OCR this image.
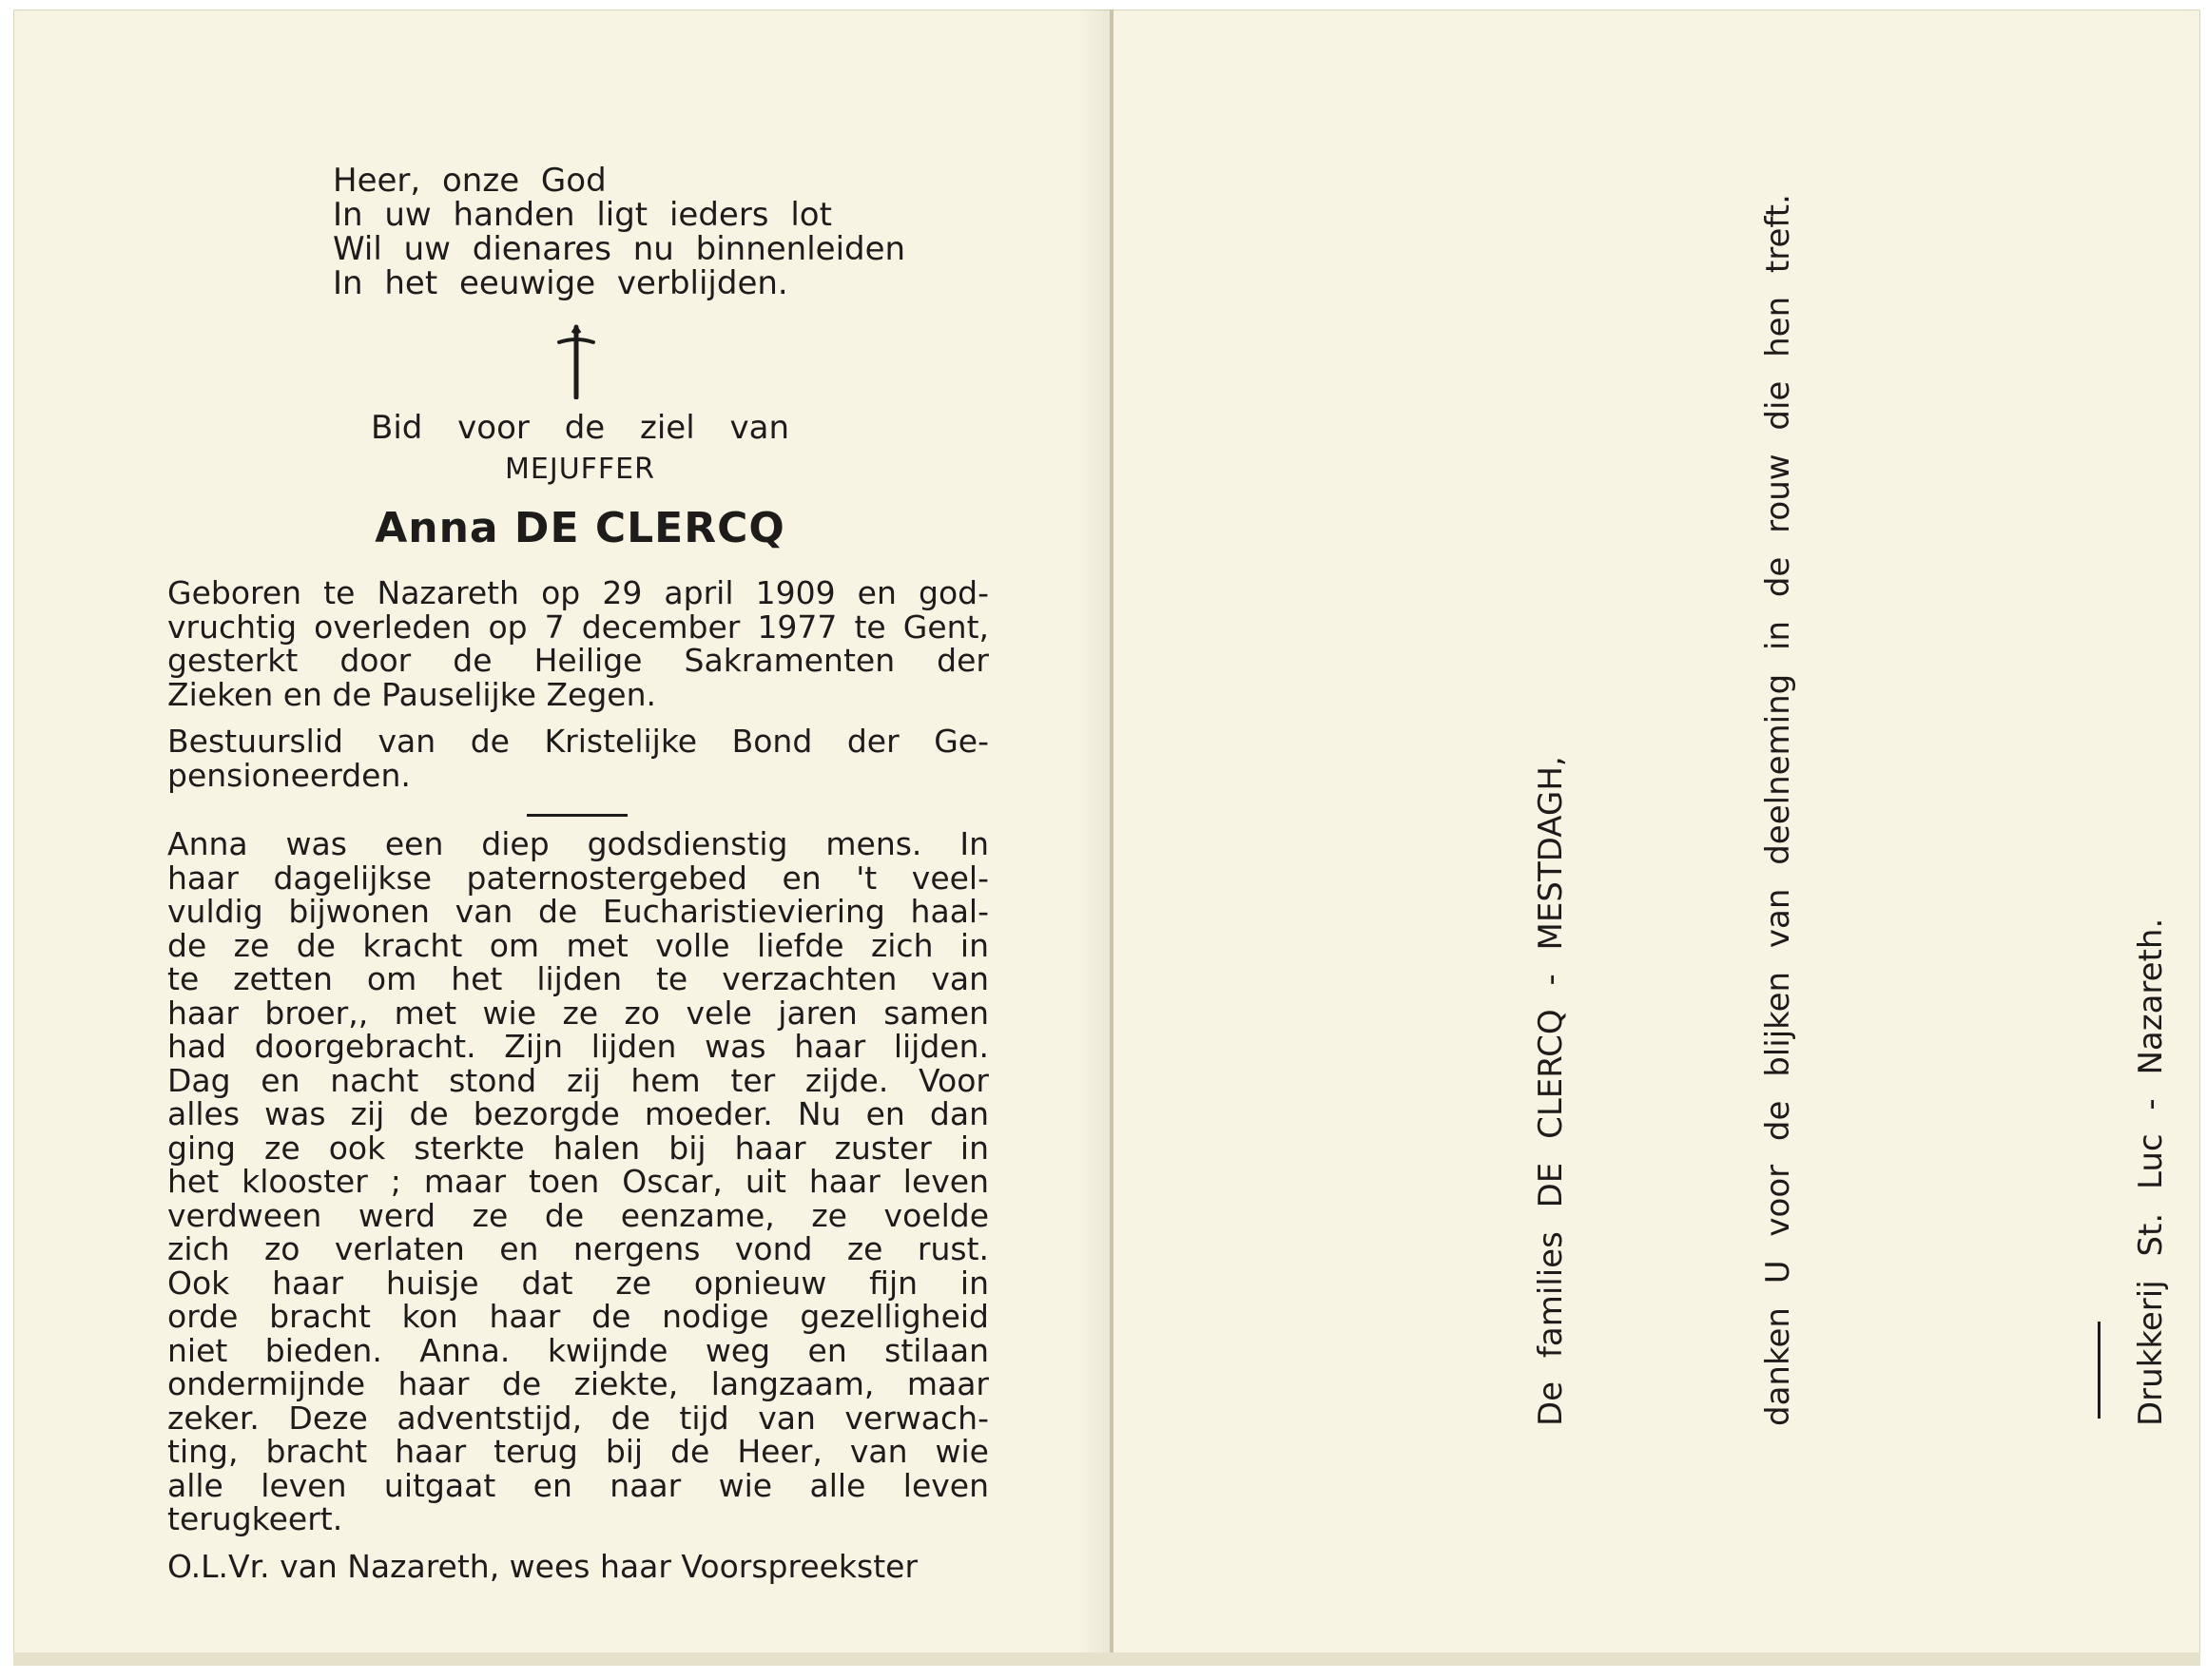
Heer, onze God
In uw handen ligt ieders lot
Wil uw dienares nu binnenleiden
In het eeuwige verblijden.
Bid voor de ziel van
MEJUFFER
Anna DE CLERCQ
Geboren te Nazareth op 29 april 1909 en god-
vruchtig overleden op 7 december 1977 te Gent,
gesterkt door de Heilige Sakramenten der
Zieken en de Pauselijke Zegen.
Bestuurslid van de Kristelijke Bond der Ge-
pensioneerden.
Anna was een diep godsdienstig mens. In
haar dagelijkse paternostergebed en 't veel-
vuldig bijwonen van de Eucharistieviering haal-
de ze de kracht om met volle liefde zich in
te zetten om het lijden te verzachten van
haar broer,, met wie ze zo vele jaren samen
had doorgebracht. Zijn lijden was haar lijden.
Dag en nacht stond zij hem ter zijde. Voor
alles was zij de bezorgde moeder. Nu en dan
ging ze ook sterkte halen bij haar zuster in
het klooster ; maar toen Oscar, uit haar leven
verdween werd ze de eenzame, ze voelde
zich zo verlaten en nergens vond ze rust.
Ook haar huisje dat ze opnieuw fijn in
orde bracht kon haar de nodige gezelligheid
niet bieden. Anna. kwijnde weg en stilaan
ondermijnde haar de ziekte, langzaam, maar
zeker. Deze adventstijd, de tijd van verwach-
ting, bracht haar terug bij de Heer, van wie
alle leven uitgaat en naar wie alle leven
terugkeert.
O.L.Vr. van Nazareth, wees haar Voorspreekster
De families DE CLERCQ - MESTDAGH,	danken U voor de blijken van deelneming in de rouw die hen treft.	Drukkerij St. Luc - Nazareth.
